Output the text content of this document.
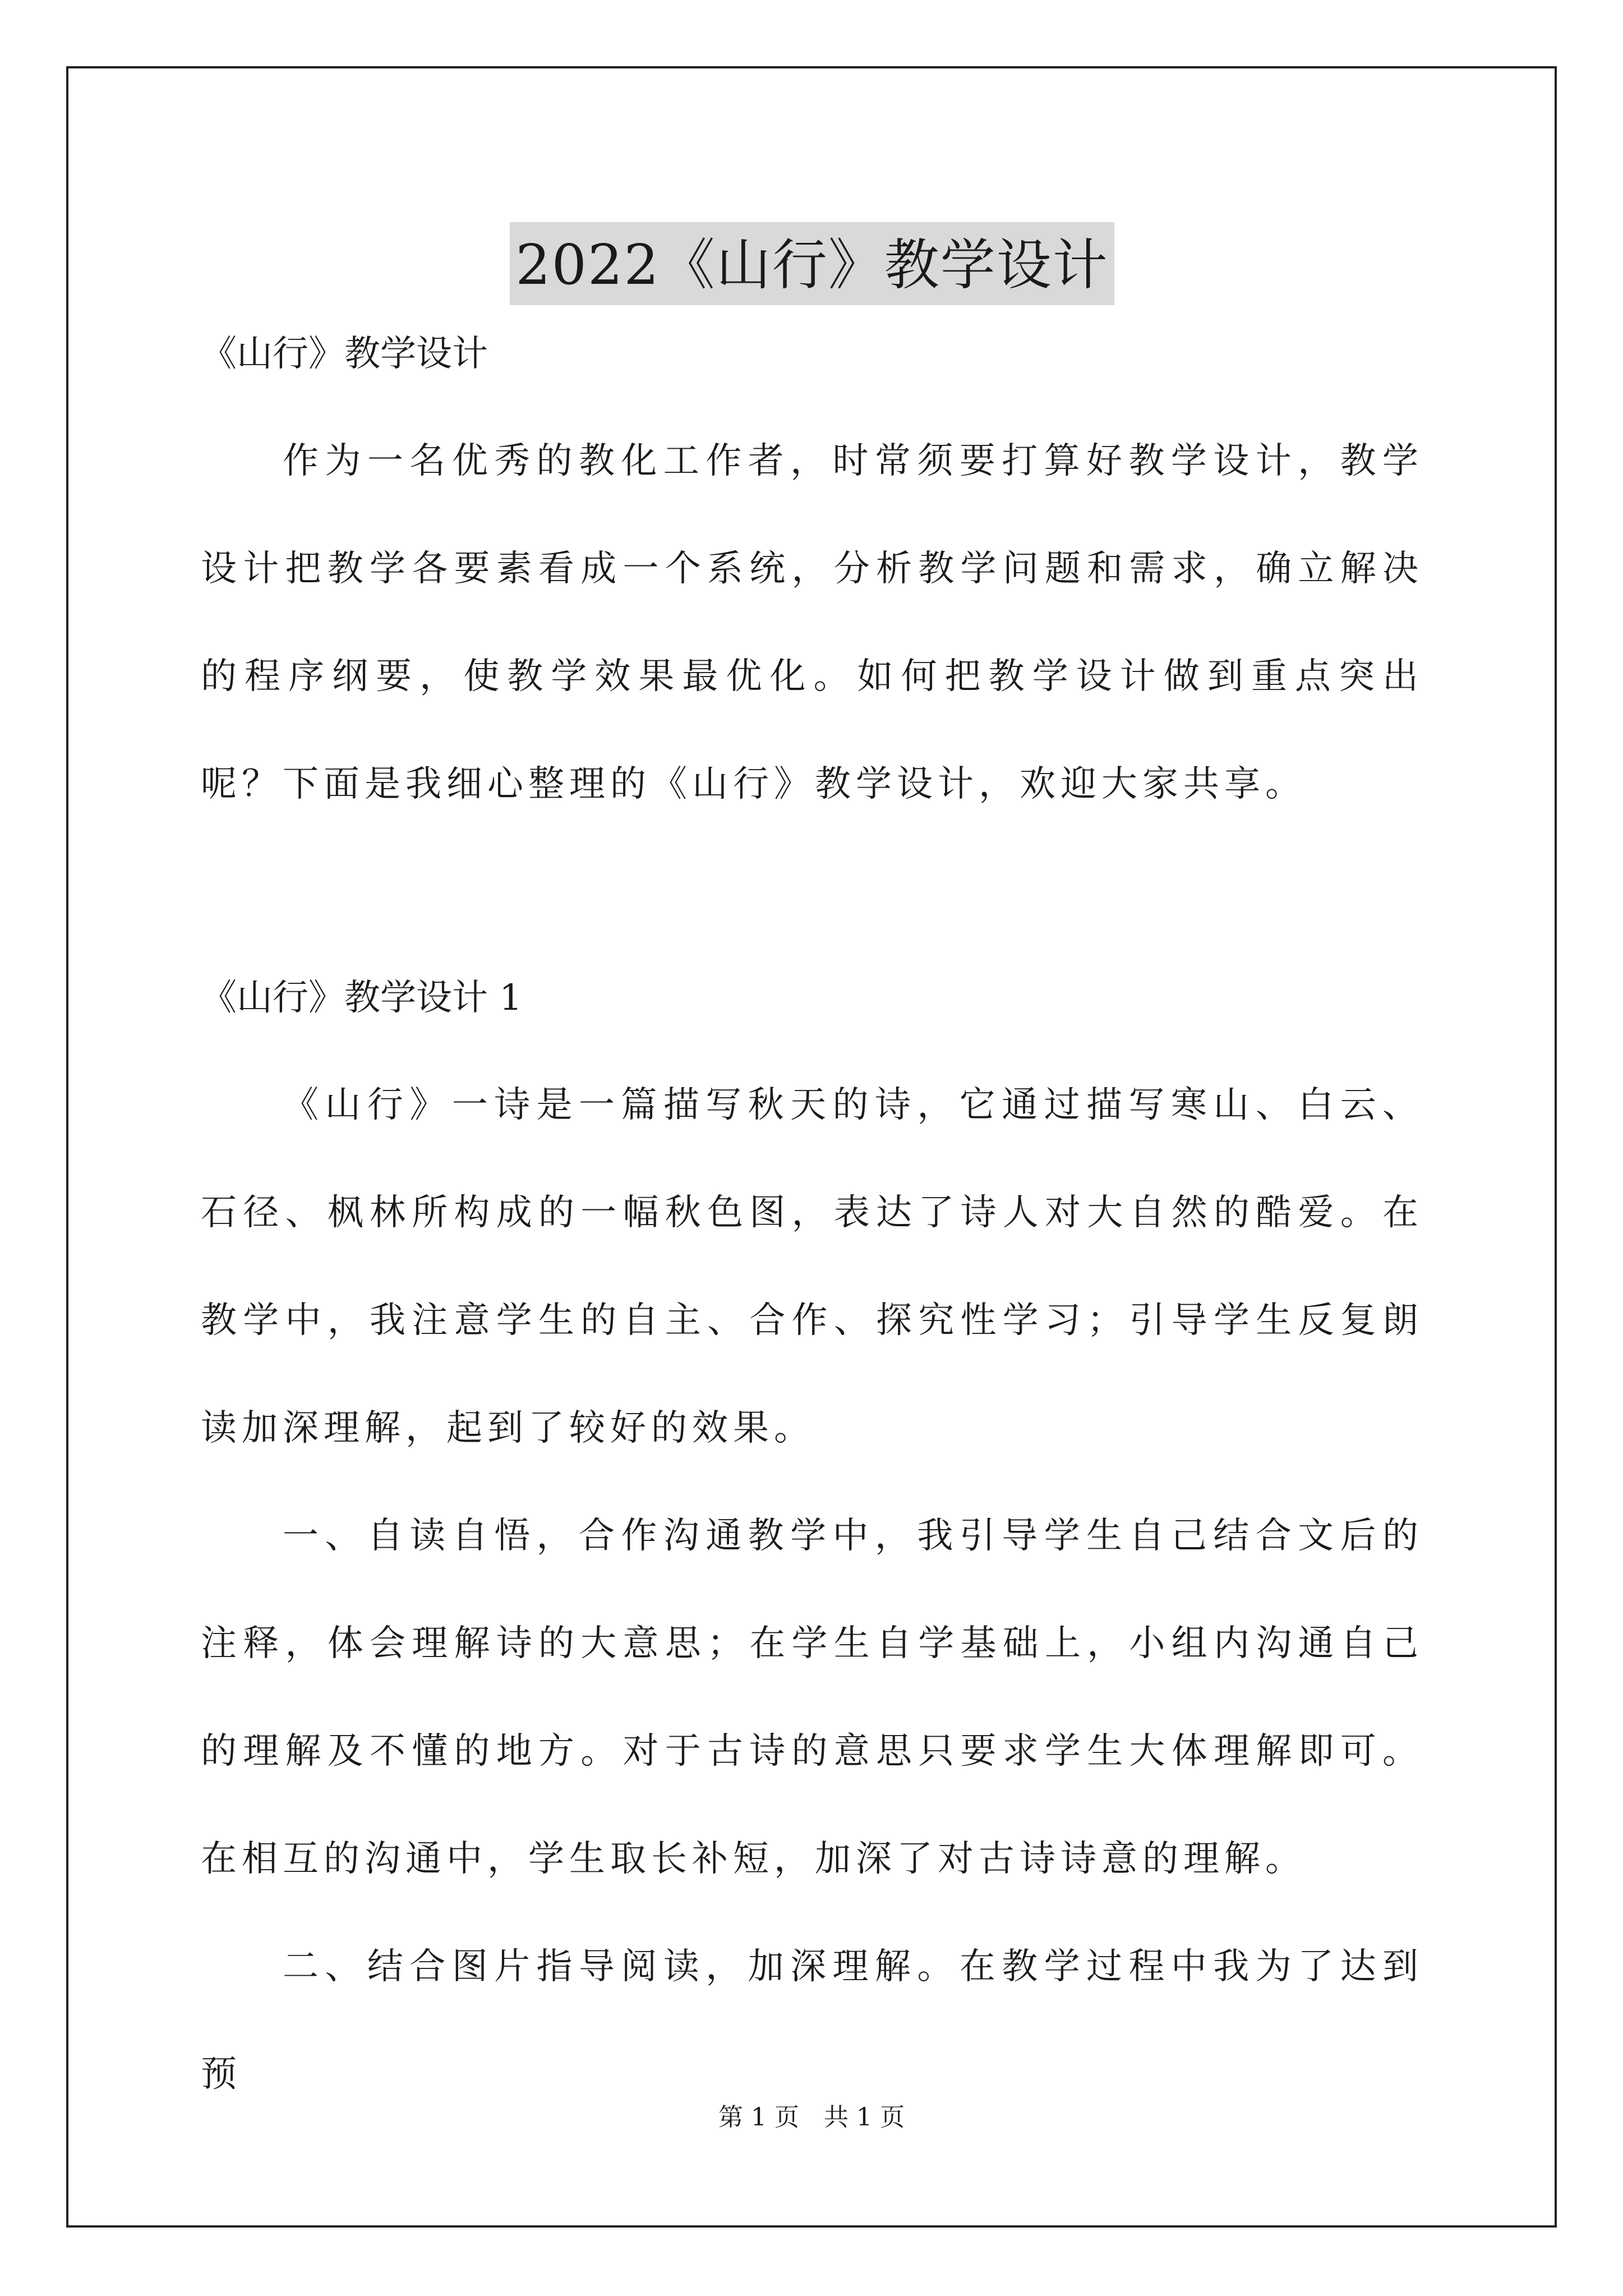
2022《山行》教学设计

《山行》教学设计

作为一名优秀的教化工作者，时常须要打算好教学设计，教学设计把教学各要素看成一个系统，分析教学问题和需求，确立解决的程序纲要，使教学效果最优化。如何把教学设计做到重点突出呢？下面是我细心整理的《山行》教学设计，欢迎大家共享。

《山行》教学设计 1

《山行》一诗是一篇描写秋天的诗，它通过描写寒山、白云、石径、枫林所构成的一幅秋色图，表达了诗人对大自然的酷爱。在教学中，我注意学生的自主、合作、探究性学习；引导学生反复朗读加深理解，起到了较好的效果。

一、自读自悟，合作沟通教学中，我引导学生自己结合文后的注释，体会理解诗的大意思；在学生自学基础上，小组内沟通自己的理解及不懂的地方。对于古诗的意思只要求学生大体理解即可。在相互的沟通中，学生取长补短，加深了对古诗诗意的理解。

二、结合图片指导阅读，加深理解。在教学过程中我为了达到预

第 1 页　共 1 页
